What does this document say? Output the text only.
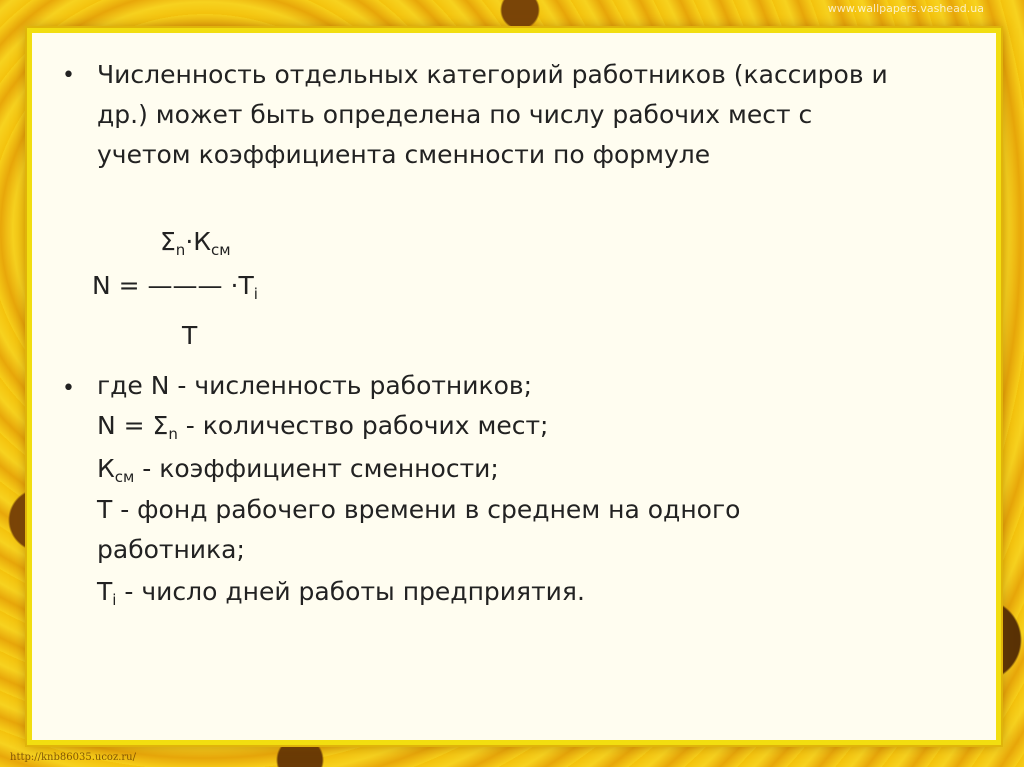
www.wallpapers.vashead.ua
• Численность отдельных категорий работников (кассиров и
др.) может быть определена по числу рабочих мест с
учетом коэффициента сменности по формуле
$\Sigma_n\cdot К_{см}$
N = ——— $\cdot T_i$
T
• где N - численность работников;
$N = \Sigma_n$ - количество рабочих мест;
$К_{см}$ - коэффициент сменности;
T - фонд рабочего времени в среднем на одного
работника;
$T_i$ - число дней работы предприятия.
http://knb86035.ucoz.ru/
